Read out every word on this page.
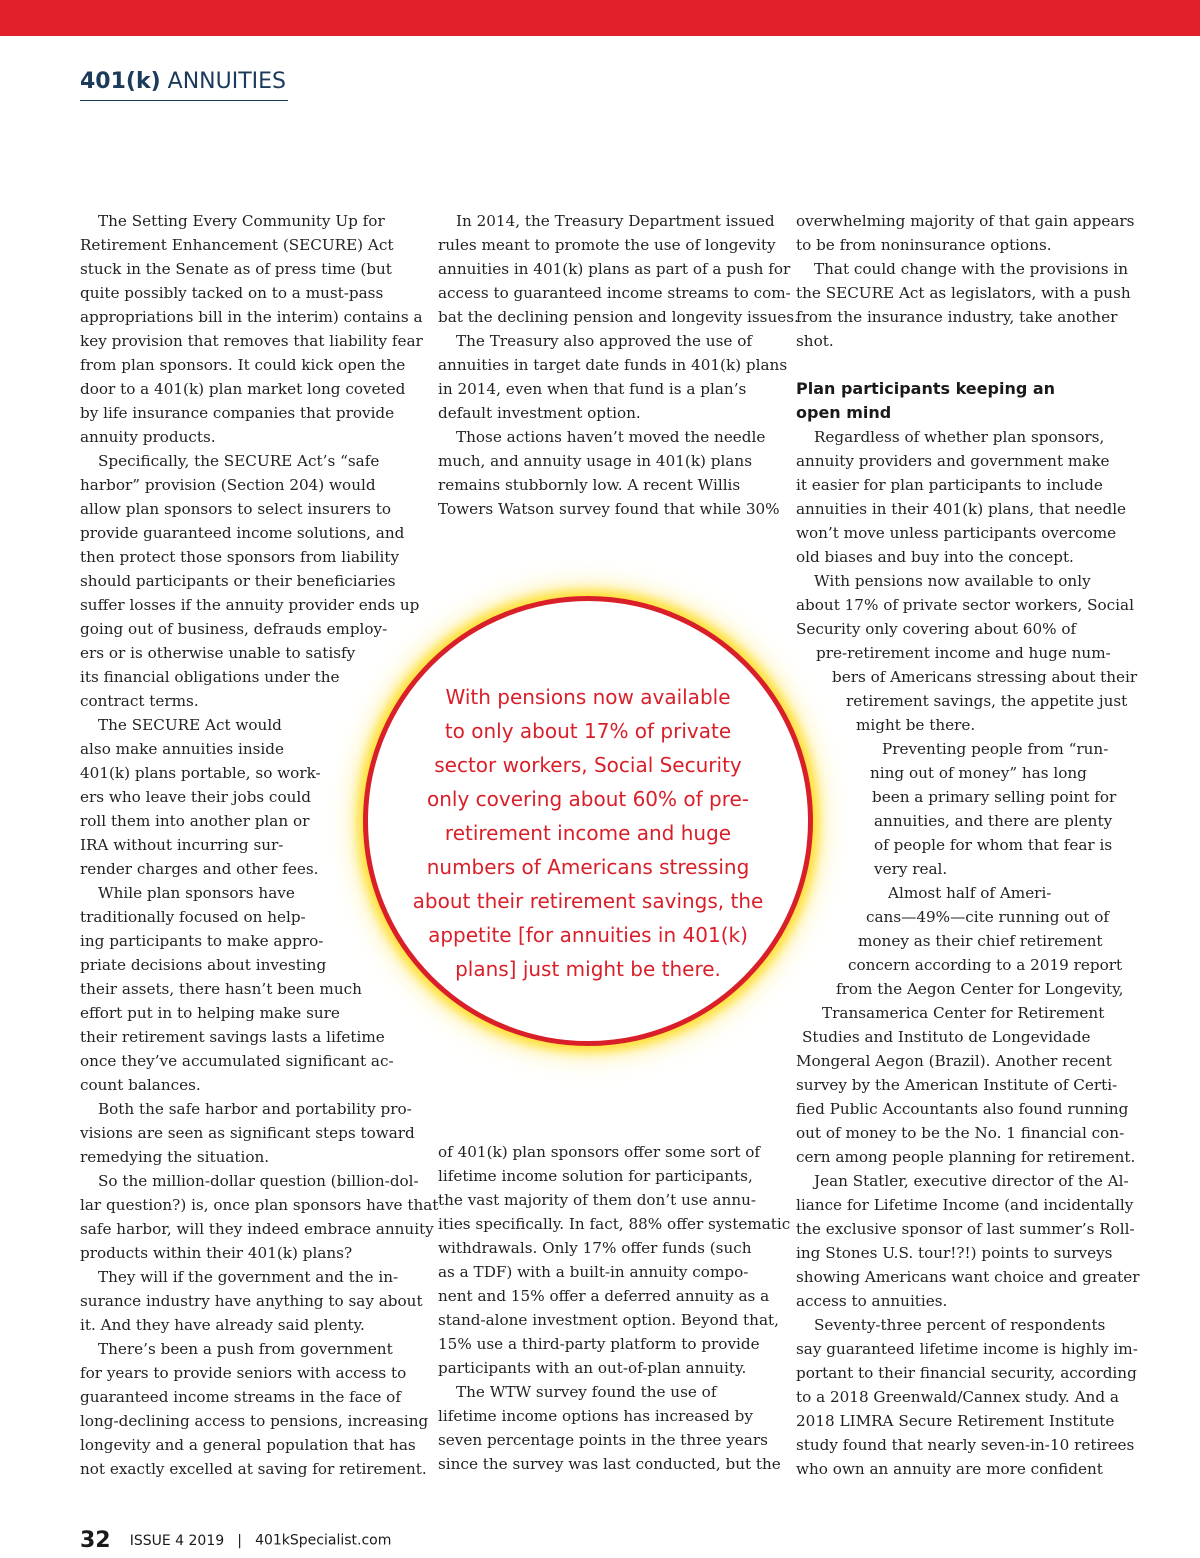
401(k) ANNUITIES

The Setting Every Community Up for
Retirement Enhancement (SECURE) Act
stuck in the Senate as of press time (but
quite possibly tacked on to a must-pass
appropriations bill in the interim) contains a
key provision that removes that liability fear
from plan sponsors. It could kick open the
door to a 401(k) plan market long coveted
by life insurance companies that provide
annuity products.

Specifically, the SECURE Act’s “safe
harbor” provision (Section 204) would
allow plan sponsors to select insurers to
provide guaranteed income solutions, and
then protect those sponsors from liability
should participants or their beneficiaries
suffer losses if the annuity provider ends up
going out of business, defrauds employ-
ers or is otherwise unable to satisfy
its financial obligations under the
contract terms.

The SECURE Act would
also make annuities inside
401(k) plans portable, so work-
ers who leave their jobs could
roll them into another plan or
IRA without incurring sur-
render charges and other fees.

While plan sponsors have
traditionally focused on help-
ing participants to make appro-
priate decisions about investing
their assets, there hasn’t been much
effort put in to helping make sure
their retirement savings lasts a lifetime
once they’ve accumulated significant ac-
count balances.

Both the safe harbor and portability pro-
visions are seen as significant steps toward
remedying the situation.

So the million-dollar question (billion-dol-
lar question?) is, once plan sponsors have that
safe harbor, will they indeed embrace annuity
products within their 401(k) plans?

They will if the government and the in-
surance industry have anything to say about
it. And they have already said plenty.

There’s been a push from government
for years to provide seniors with access to
guaranteed income streams in the face of
long-declining access to pensions, increasing
longevity and a general population that has
not exactly excelled at saving for retirement.

In 2014, the Treasury Department issued
rules meant to promote the use of longevity
annuities in 401(k) plans as part of a push for
access to guaranteed income streams to com-
bat the declining pension and longevity issues.

The Treasury also approved the use of
annuities in target date funds in 401(k) plans
in 2014, even when that fund is a plan’s
default investment option.

Those actions haven’t moved the needle
much, and annuity usage in 401(k) plans
remains stubbornly low. A recent Willis
Towers Watson survey found that while 30%

of 401(k) plan sponsors offer some sort of
lifetime income solution for participants,
the vast majority of them don’t use annu-
ities specifically. In fact, 88% offer systematic
withdrawals. Only 17% offer funds (such
as a TDF) with a built-in annuity compo-
nent and 15% offer a deferred annuity as a
stand-alone investment option. Beyond that,
15% use a third-party platform to provide
participants with an out-of-plan annuity.

The WTW survey found the use of
lifetime income options has increased by
seven percentage points in the three years
since the survey was last conducted, but the

overwhelming majority of that gain appears
to be from noninsurance options.

That could change with the provisions in
the SECURE Act as legislators, with a push
from the insurance industry, take another
shot.

Plan participants keeping an
open mind

Regardless of whether plan sponsors,
annuity providers and government make
it easier for plan participants to include
annuities in their 401(k) plans, that needle
won’t move unless participants overcome
old biases and buy into the concept.

With pensions now available to only
about 17% of private sector workers, Social
Security only covering about 60% of
pre-retirement income and huge num-
bers of Americans stressing about their
retirement savings, the appetite just
might be there.

Preventing people from “run-
ning out of money” has long
been a primary selling point for
annuities, and there are plenty
of people for whom that fear is
very real.

Almost half of Ameri-
cans—49%—cite running out of
money as their chief retirement
concern according to a 2019 report
from the Aegon Center for Longevity,
Transamerica Center for Retirement
Studies and Instituto de Longevidade
Mongeral Aegon (Brazil). Another recent
survey by the American Institute of Certi-
fied Public Accountants also found running
out of money to be the No. 1 financial con-
cern among people planning for retirement.

Jean Statler, executive director of the Al-
liance for Lifetime Income (and incidentally
the exclusive sponsor of last summer’s Roll-
ing Stones U.S. tour!?!) points to surveys
showing Americans want choice and greater
access to annuities.

Seventy-three percent of respondents
say guaranteed lifetime income is highly im-
portant to their financial security, according
to a 2018 Greenwald/Cannex study. And a
2018 LIMRA Secure Retirement Institute
study found that nearly seven-in-10 retirees
who own an annuity are more confident

With pensions now available
to only about 17% of private
sector workers, Social Security
only covering about 60% of pre-
retirement income and huge
numbers of Americans stressing
about their retirement savings, the
appetite [for annuities in 401(k)
plans] just might be there.
32 ISSUE 4 2019 | 401kSpecialist.com
